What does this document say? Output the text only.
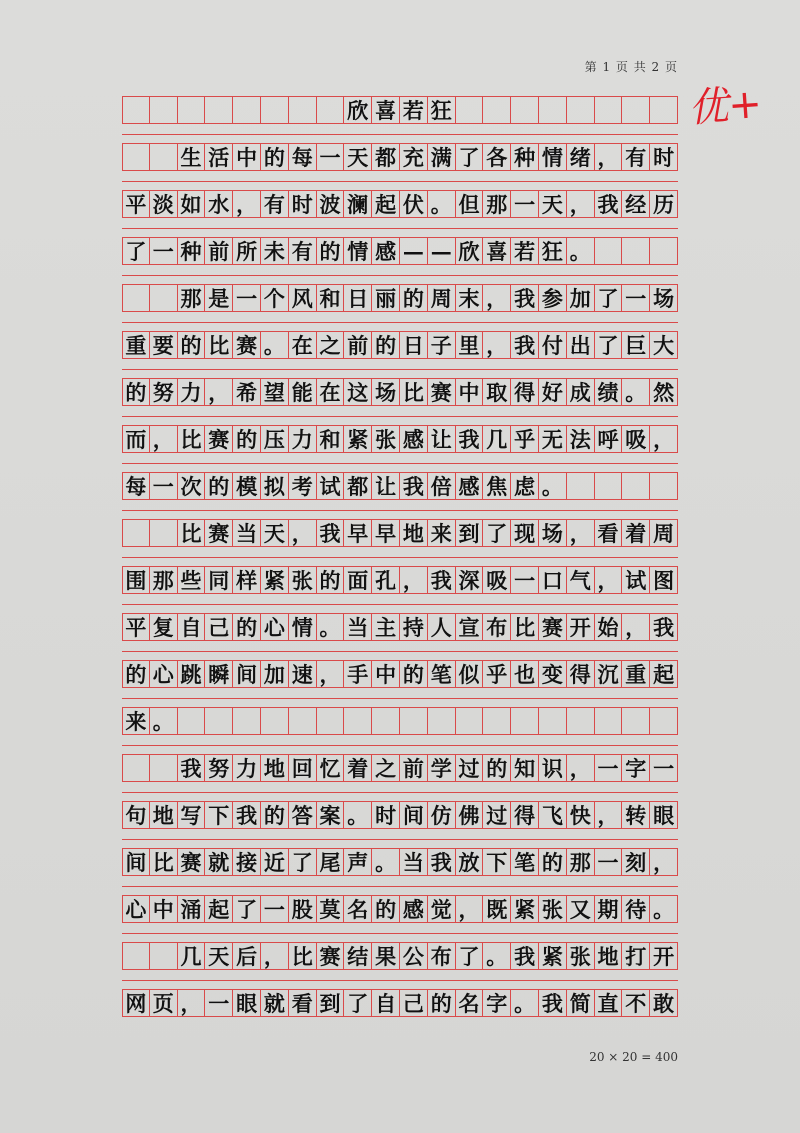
第 1 页 共 2 页
优+
欣 喜 若 狂
生 活 中 的 每 一 天 都 充 满 了 各 种 情 绪 ， 有 时
平 淡 如 水 ， 有 时 波 澜 起 伏 。 但 那 一 天 ， 我 经 历
了 一 种 前 所 未 有 的 情 感 — — 欣 喜 若 狂 。
那 是 一 个 风 和 日 丽 的 周 末 ， 我 参 加 了 一 场
重 要 的 比 赛 。 在 之 前 的 日 子 里 ， 我 付 出 了 巨 大
的 努 力 ， 希 望 能 在 这 场 比 赛 中 取 得 好 成 绩 。 然
而 ， 比 赛 的 压 力 和 紧 张 感 让 我 几 乎 无 法 呼 吸 ，
每 一 次 的 模 拟 考 试 都 让 我 倍 感 焦 虑 。
比 赛 当 天 ， 我 早 早 地 来 到 了 现 场 ， 看 着 周
围 那 些 同 样 紧 张 的 面 孔 ， 我 深 吸 一 口 气 ， 试 图
平 复 自 己 的 心 情 。 当 主 持 人 宣 布 比 赛 开 始 ， 我
的 心 跳 瞬 间 加 速 ， 手 中 的 笔 似 乎 也 变 得 沉 重 起
来 。
我 努 力 地 回 忆 着 之 前 学 过 的 知 识 ， 一 字 一
句 地 写 下 我 的 答 案 。 时 间 仿 佛 过 得 飞 快 ， 转 眼
间 比 赛 就 接 近 了 尾 声 。 当 我 放 下 笔 的 那 一 刻 ，
心 中 涌 起 了 一 股 莫 名 的 感 觉 ， 既 紧 张 又 期 待 。
几 天 后 ， 比 赛 结 果 公 布 了 。 我 紧 张 地 打 开
网 页 ， 一 眼 就 看 到 了 自 己 的 名 字 。 我 简 直 不 敢
20 × 20 = 400
